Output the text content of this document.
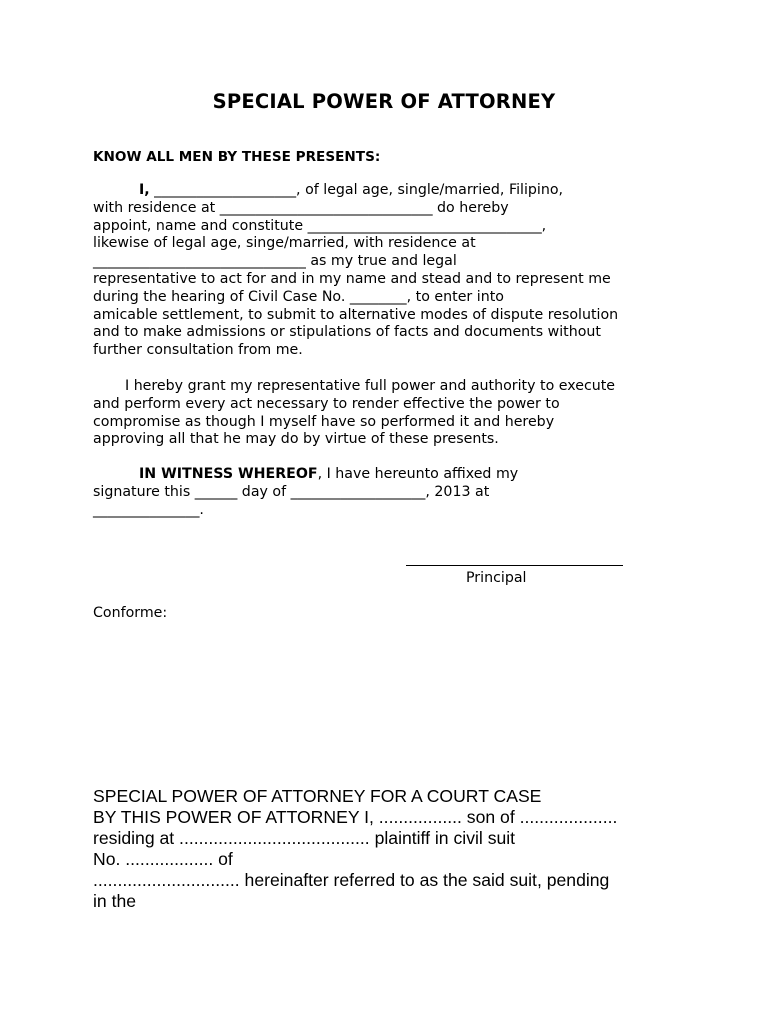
SPECIAL POWER OF ATTORNEY
KNOW ALL MEN BY THESE PRESENTS:
I, ____________________, of legal age, single/married, Filipino,
with residence at ______________________________ do hereby
appoint, name and constitute _________________________________,
likewise of legal age, singe/married, with residence at
______________________________ as my true and legal
representative to act for and in my name and stead and to represent me
during the hearing of Civil Case No. ________, to enter into
amicable settlement, to submit to alternative modes of dispute resolution
and to make admissions or stipulations of facts and documents without
further consultation from me.
I hereby grant my representative full power and authority to execute
and perform every act necessary to render effective the power to
compromise as though I myself have so performed it and hereby
approving all that he may do by virtue of these presents.
IN WITNESS WHEREOF, I have hereunto affixed my
signature this ______ day of ___________________, 2013 at
_______________.
Principal
Conforme:
SPECIAL POWER OF ATTORNEY FOR A COURT CASE
BY THIS POWER OF ATTORNEY I, ................. son of ....................
residing at ....................................... plaintiff in civil suit
No. .................. of
.............................. hereinafter referred to as the said suit, pending
in the
